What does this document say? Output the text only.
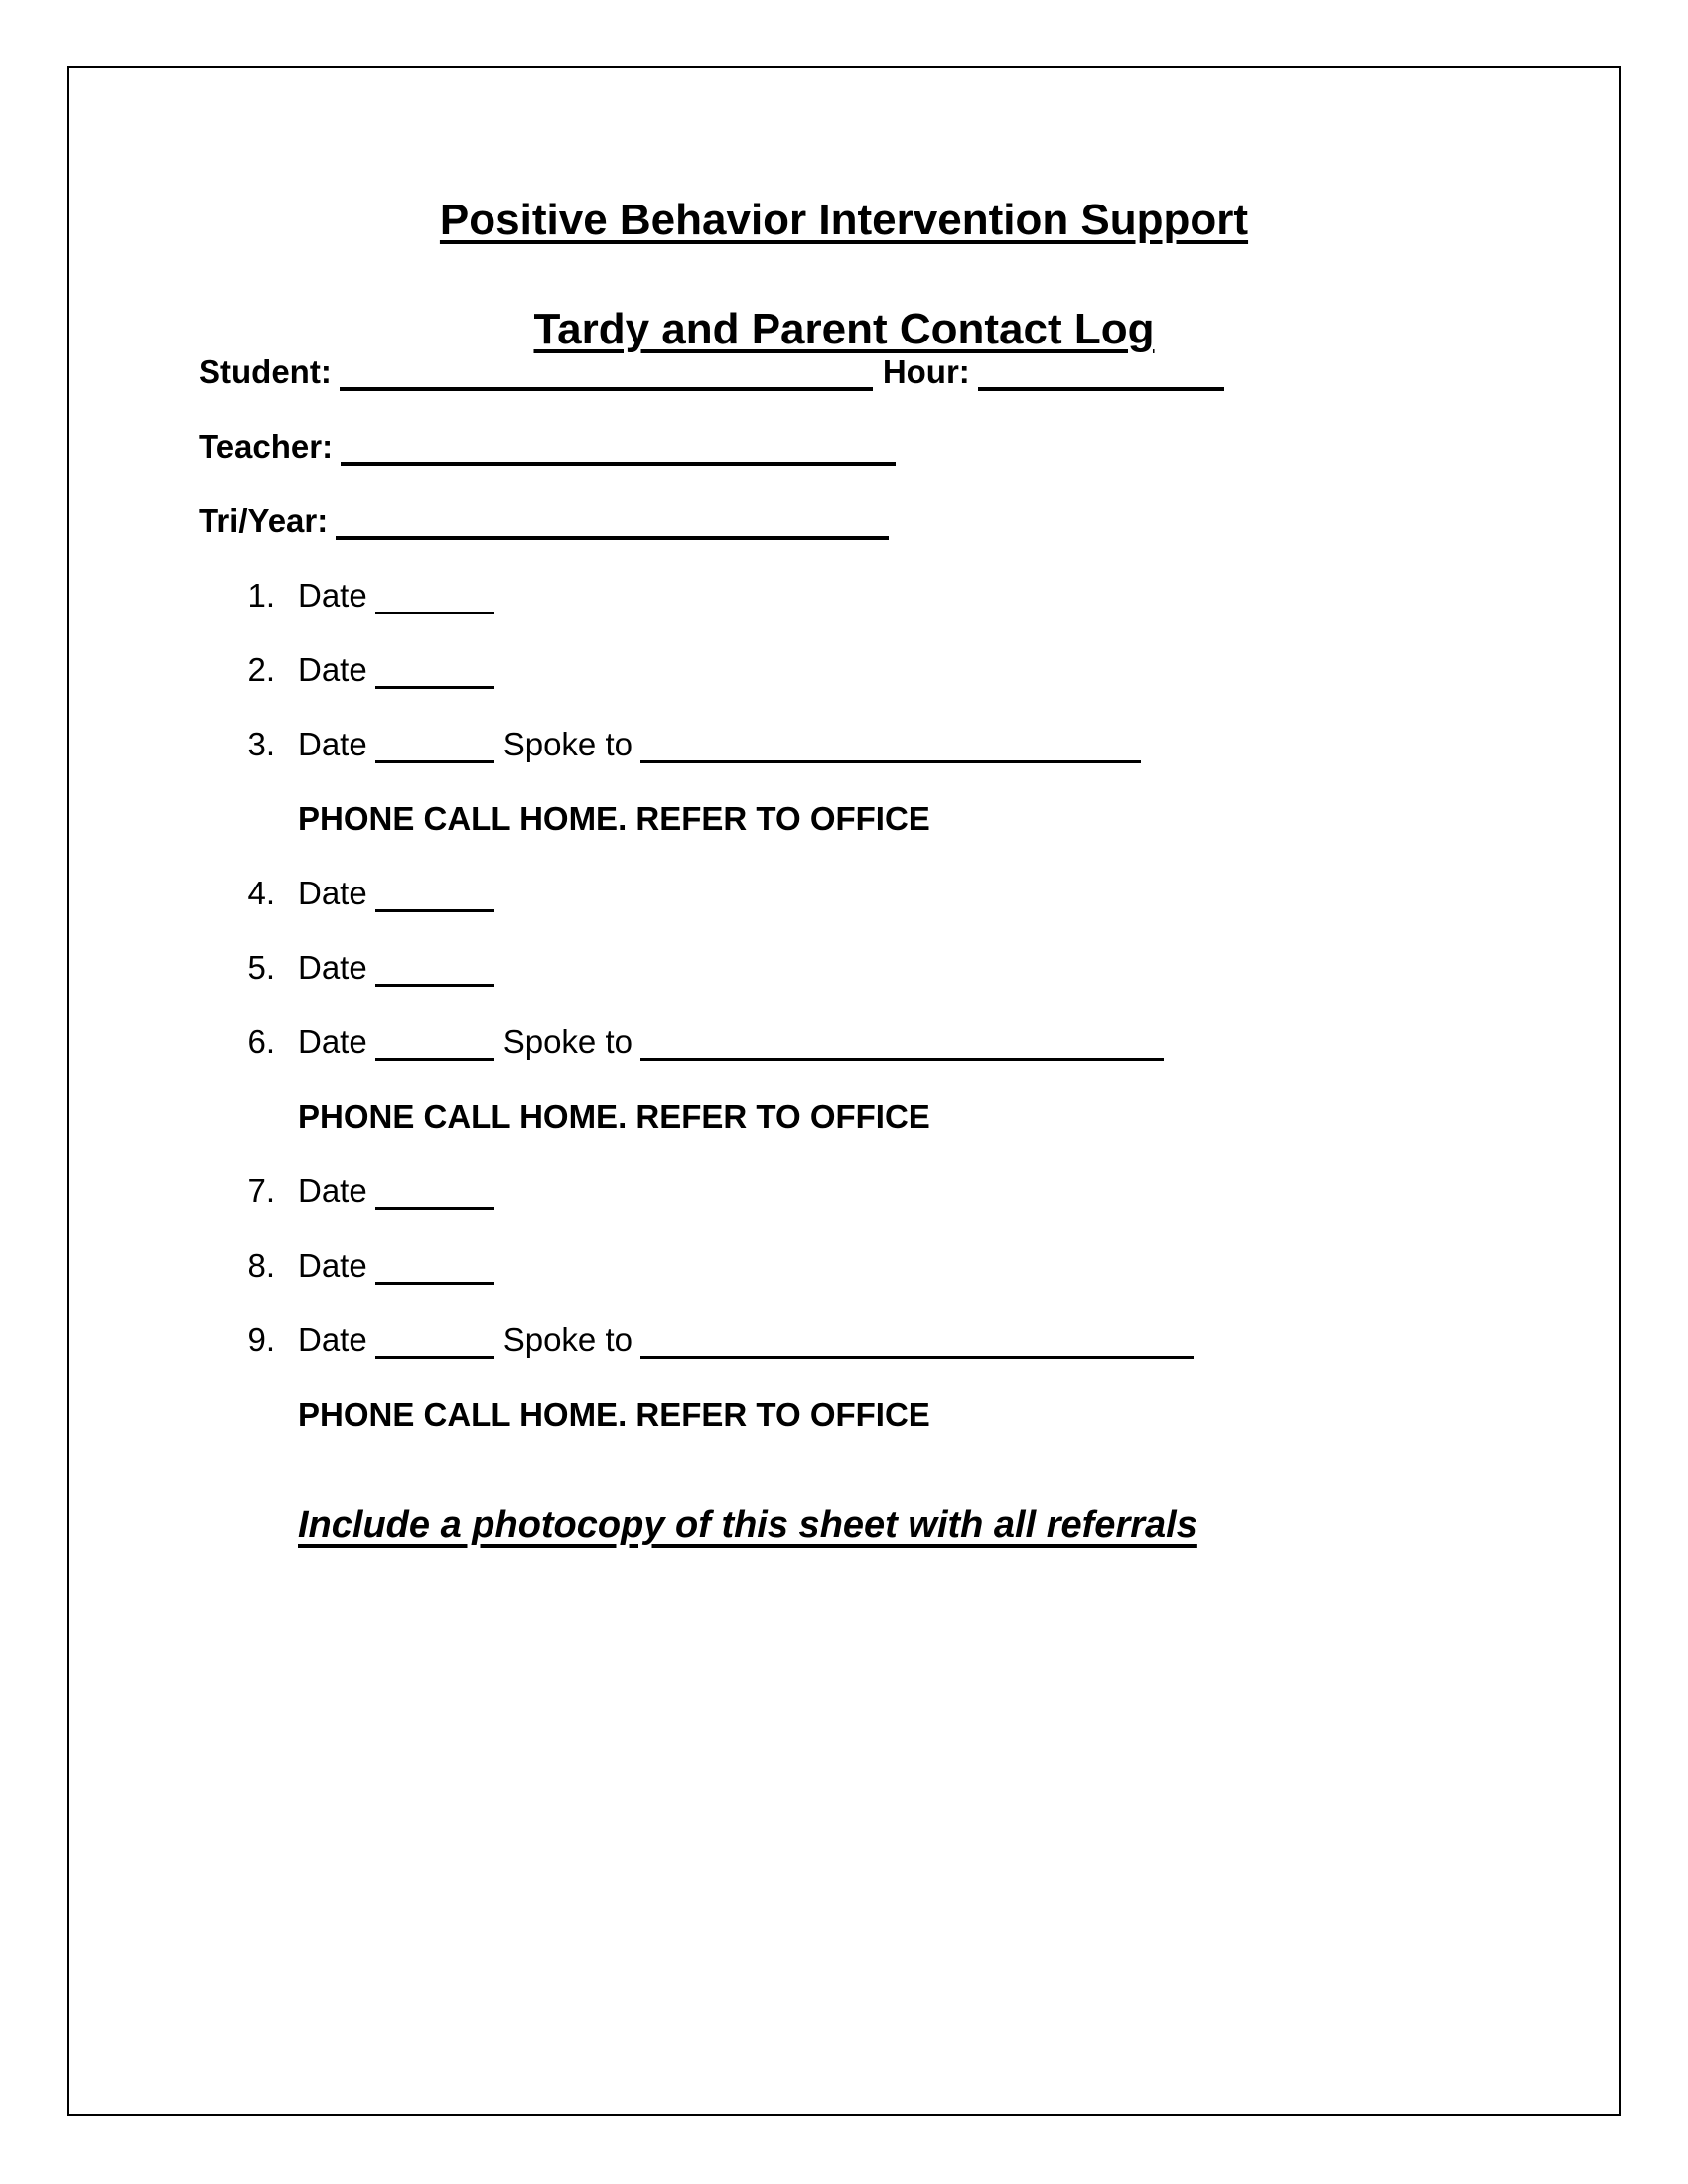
Positive Behavior Intervention Support
Tardy and Parent Contact Log
Student:	Hour:
Teacher:
Tri/Year:
1. Date
2. Date
3. Date	Spoke to
PHONE CALL HOME. REFER TO OFFICE
4. Date
5. Date
6. Date	Spoke to
PHONE CALL HOME. REFER TO OFFICE
7. Date
8. Date
9. Date	Spoke to
PHONE CALL HOME. REFER TO OFFICE
Include a photocopy of this sheet with all referrals
